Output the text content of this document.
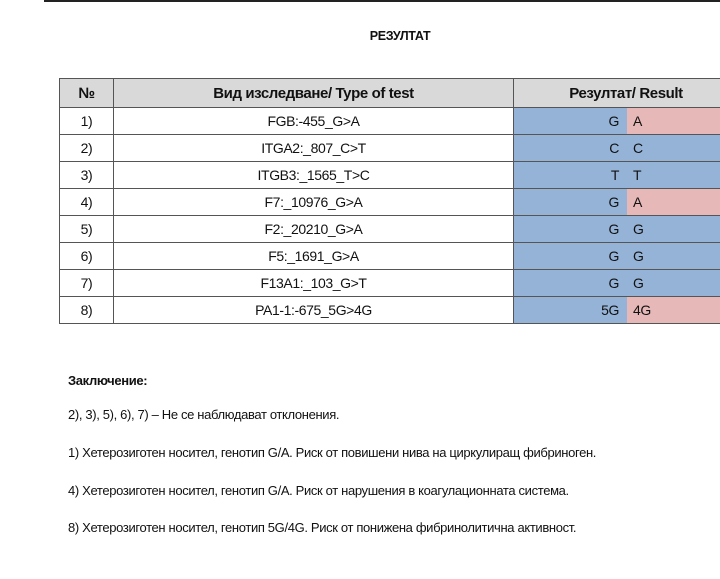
РЕЗУЛТАТ
№	Вид изследване/ Type of test	Резултат/ Result	
1)	FGB:-455_G>A	G	A
2)	ITGA2:_807_C>T	C	C
3)	ITGB3:_1565_T>C	T	T
4)	F7:_10976_G>A	G	A
5)	F2:_20210_G>A	G	G
6)	F5:_1691_G>A	G	G
7)	F13A1:_103_G>T	G	G
8)	PA1-1:-675_5G>4G	5G	4G
Заключение:
2), 3), 5), 6), 7) – Не се наблюдават отклонения.
1) Хетерозиготен носител, генотип G/A. Риск от повишени нива на циркулиращ фибриноген.
4) Хетерозиготен носител, генотип G/A. Риск от нарушения в коагулационната система.
8) Хетерозиготен носител, генотип 5G/4G. Риск от понижена фибринолитична активност.
